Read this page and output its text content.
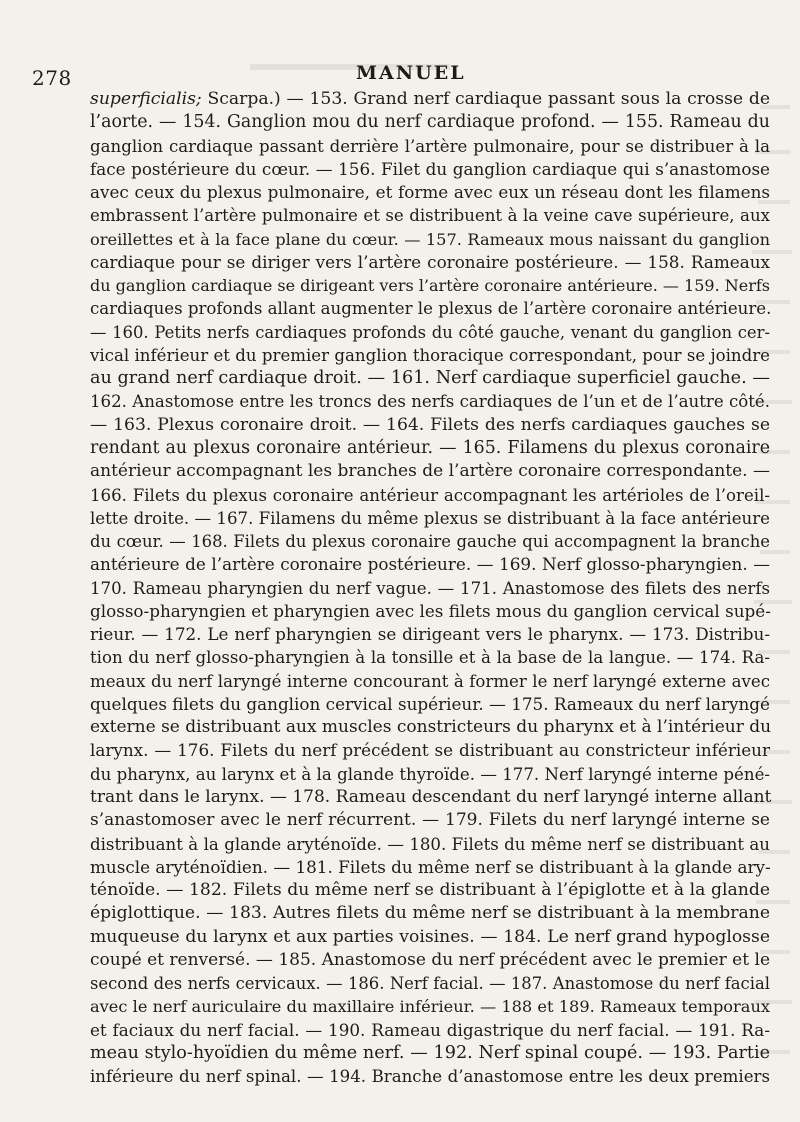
278	MANUEL
superficialis; Scarpa.) — 153. Grand nerf cardiaque passant sous la crosse de
l’aorte. — 154. Ganglion mou du nerf cardiaque profond. — 155. Rameau du
ganglion cardiaque passant derrière l’artère pulmonaire, pour se distribuer à la
face postérieure du cœur. — 156. Filet du ganglion cardiaque qui s’anastomose
avec ceux du plexus pulmonaire, et forme avec eux un réseau dont les filamens
embrassent l’artère pulmonaire et se distribuent à la veine cave supérieure, aux
oreillettes et à la face plane du cœur. — 157. Rameaux mous naissant du ganglion
cardiaque pour se diriger vers l’artère coronaire postérieure. — 158. Rameaux
du ganglion cardiaque se dirigeant vers l’artère coronaire antérieure. — 159. Nerfs
cardiaques profonds allant augmenter le plexus de l’artère coronaire antérieure.
— 160. Petits nerfs cardiaques profonds du côté gauche, venant du ganglion cer-
vical inférieur et du premier ganglion thoracique correspondant, pour se joindre
au grand nerf cardiaque droit. — 161. Nerf cardiaque superficiel gauche. —
162. Anastomose entre les troncs des nerfs cardiaques de l’un et de l’autre côté.
— 163. Plexus coronaire droit. — 164. Filets des nerfs cardiaques gauches se
rendant au plexus coronaire antérieur. — 165. Filamens du plexus coronaire
antérieur accompagnant les branches de l’artère coronaire correspondante. —
166. Filets du plexus coronaire antérieur accompagnant les artérioles de l’oreil-
lette droite. — 167. Filamens du même plexus se distribuant à la face antérieure
du cœur. — 168. Filets du plexus coronaire gauche qui accompagnent la branche
antérieure de l’artère coronaire postérieure. — 169. Nerf glosso-pharyngien. —
170. Rameau pharyngien du nerf vague. — 171. Anastomose des filets des nerfs
glosso-pharyngien et pharyngien avec les filets mous du ganglion cervical supé-
rieur. — 172. Le nerf pharyngien se dirigeant vers le pharynx. — 173. Distribu-
tion du nerf glosso-pharyngien à la tonsille et à la base de la langue. — 174. Ra-
meaux du nerf laryngé interne concourant à former le nerf laryngé externe avec
quelques filets du ganglion cervical supérieur. — 175. Rameaux du nerf laryngé
externe se distribuant aux muscles constricteurs du pharynx et à l’intérieur du
larynx. — 176. Filets du nerf précédent se distribuant au constricteur inférieur
du pharynx, au larynx et à la glande thyroïde. — 177. Nerf laryngé interne péné-
trant dans le larynx. — 178. Rameau descendant du nerf laryngé interne allant
s’anastomoser avec le nerf récurrent. — 179. Filets du nerf laryngé interne se
distribuant à la glande aryténoïde. — 180. Filets du même nerf se distribuant au
muscle aryténoïdien. — 181. Filets du même nerf se distribuant à la glande ary-
ténoïde. — 182. Filets du même nerf se distribuant à l’épiglotte et à la glande
épiglottique. — 183. Autres filets du même nerf se distribuant à la membrane
muqueuse du larynx et aux parties voisines. — 184. Le nerf grand hypoglosse
coupé et renversé. — 185. Anastomose du nerf précédent avec le premier et le
second des nerfs cervicaux. — 186. Nerf facial. — 187. Anastomose du nerf facial
avec le nerf auriculaire du maxillaire inférieur. — 188 et 189. Rameaux temporaux
et faciaux du nerf facial. — 190. Rameau digastrique du nerf facial. — 191. Ra-
meau stylo-hyoïdien du même nerf. — 192. Nerf spinal coupé. — 193. Partie
inférieure du nerf spinal. — 194. Branche d’anastomose entre les deux premiers
